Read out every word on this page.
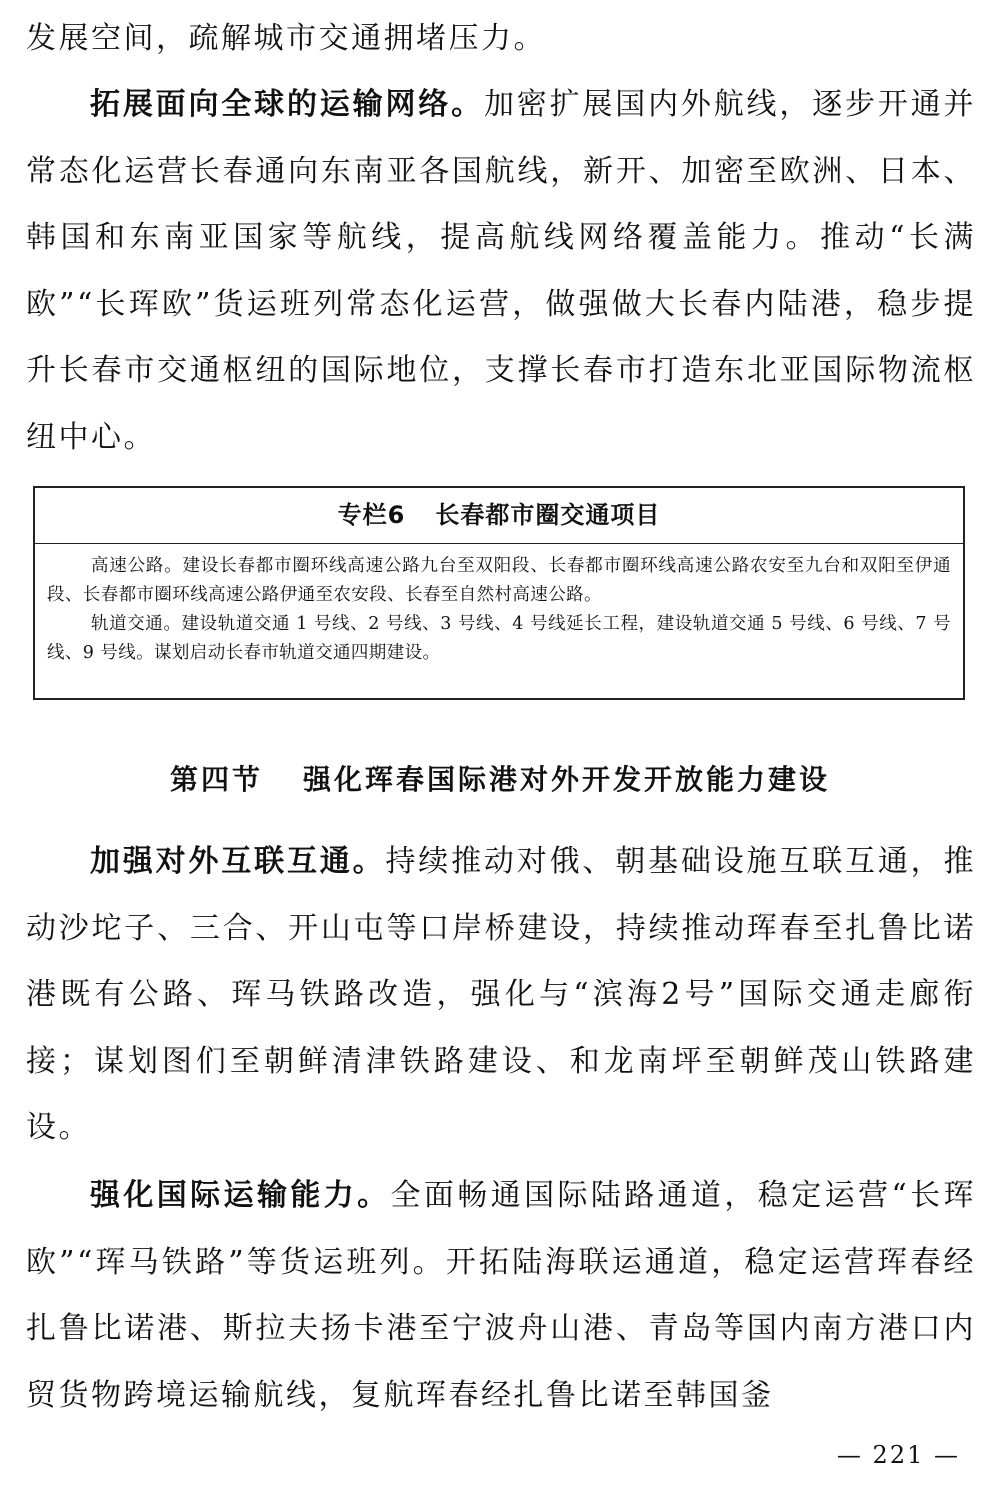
发展空间，疏解城市交通拥堵压力。

拓展面向全球的运输网络。加密扩展国内外航线，逐步开通并常态化运营长春通向东南亚各国航线，新开、加密至欧洲、日本、韩国和东南亚国家等航线，提高航线网络覆盖能力。推动“长满欧”“长珲欧”货运班列常态化运营，做强做大长春内陆港，稳步提升长春市交通枢纽的国际地位，支撑长春市打造东北亚国际物流枢纽中心。

专栏6 长春都市圈交通项目

高速公路。建设长春都市圈环线高速公路九台至双阳段、长春都市圈环线高速公路农安至九台和双阳至伊通段、长春都市圈环线高速公路伊通至农安段、长春至自然村高速公路。

轨道交通。建设轨道交通 1 号线、2 号线、3 号线、4 号线延长工程，建设轨道交通 5 号线、6 号线、7 号线、9 号线。谋划启动长春市轨道交通四期建设。

第四节 强化珲春国际港对外开发开放能力建设

加强对外互联互通。持续推动对俄、朝基础设施互联互通，推动沙坨子、三合、开山屯等口岸桥建设，持续推动珲春至扎鲁比诺港既有公路、珲马铁路改造，强化与“滨海2号”国际交通走廊衔接；谋划图们至朝鲜清津铁路建设、和龙南坪至朝鲜茂山铁路建设。

强化国际运输能力。全面畅通国际陆路通道，稳定运营“长珲欧”“珲马铁路”等货运班列。开拓陆海联运通道，稳定运营珲春经扎鲁比诺港、斯拉夫扬卡港至宁波舟山港、青岛等国内南方港口内贸货物跨境运输航线，复航珲春经扎鲁比诺至韩国釜

— 221 —
